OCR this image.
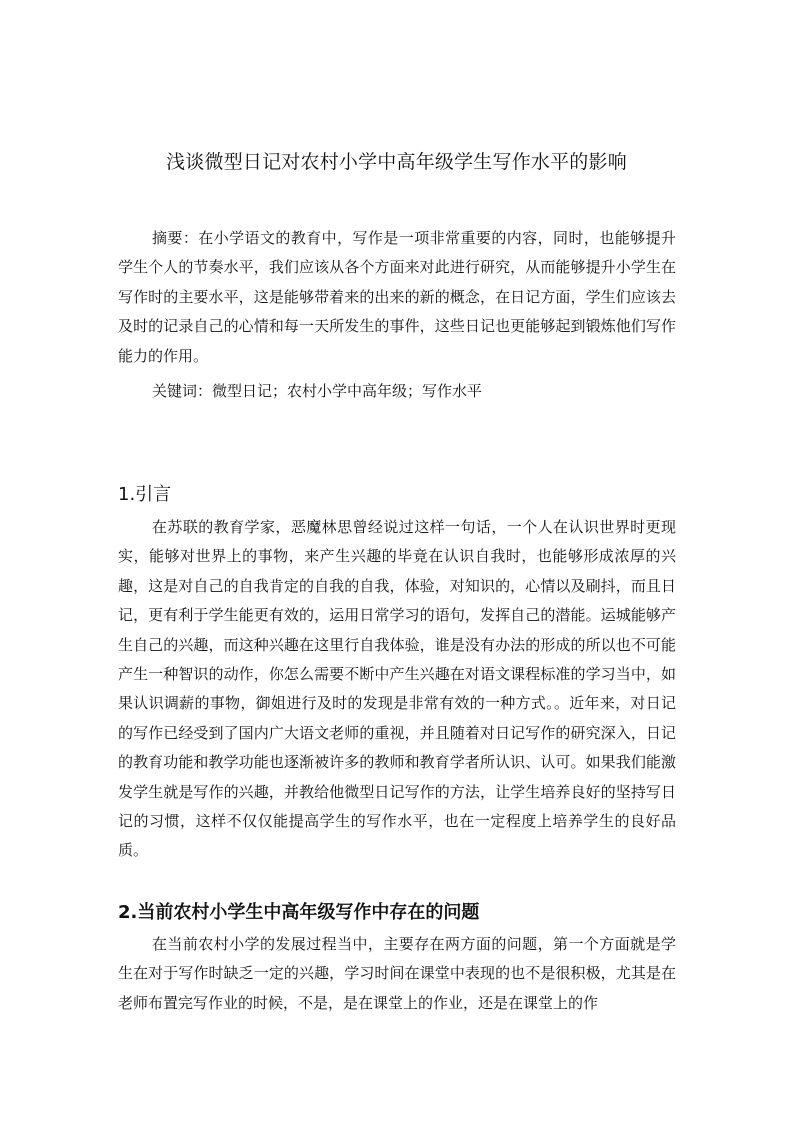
浅谈微型日记对农村小学中高年级学生写作水平的影响

摘要：在小学语文的教育中，写作是一项非常重要的内容，同时，也能够提升学生个人的节奏水平，我们应该从各个方面来对此进行研究，从而能够提升小学生在写作时的主要水平，这是能够带着来的出来的新的概念，在日记方面，学生们应该去及时的记录自己的心情和每一天所发生的事件，这些日记也更能够起到锻炼他们写作能力的作用。

关键词：微型日记；农村小学中高年级；写作水平

1.引言

在苏联的教育学家，恶魔林思曾经说过这样一句话，一个人在认识世界时更现实，能够对世界上的事物，来产生兴趣的毕竟在认识自我时，也能够形成浓厚的兴趣，这是对自己的自我肯定的自我的自我，体验，对知识的，心情以及刷抖，而且日记，更有利于学生能更有效的，运用日常学习的语句，发挥自己的潜能。运城能够产生自己的兴趣，而这种兴趣在这里行自我体验，谁是没有办法的形成的所以也不可能产生一种智识的动作，你怎么需要不断中产生兴趣在对语文课程标准的学习当中，如果认识调薪的事物，御姐进行及时的发现是非常有效的一种方式。。近年来，对日记的写作已经受到了国内广大语文老师的重视，并且随着对日记写作的研究深入，日记的教育功能和教学功能也逐渐被许多的教师和教育学者所认识、认可。如果我们能激发学生就是写作的兴趣，并教给他微型日记写作的方法，让学生培养良好的坚持写日记的习惯，这样不仅仅能提高学生的写作水平，也在一定程度上培养学生的良好品质。

2.当前农村小学生中高年级写作中存在的问题

在当前农村小学的发展过程当中，主要存在两方面的问题，第一个方面就是学生在对于写作时缺乏一定的兴趣，学习时间在课堂中表现的也不是很积极，尤其是在老师布置完写作业的时候，不是，是在课堂上的作业，还是在课堂上的作
